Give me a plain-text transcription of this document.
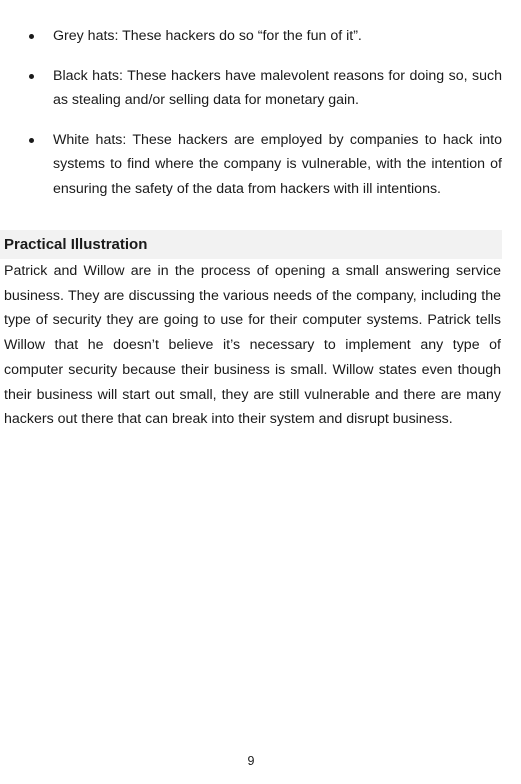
Grey hats: These hackers do so “for the fun of it”.
Black hats: These hackers have malevolent reasons for doing so, such as stealing and/or selling data for monetary gain.
White hats: These hackers are employed by companies to hack into systems to find where the company is vulnerable, with the intention of ensuring the safety of the data from hackers with ill intentions.
Practical Illustration

Patrick and Willow are in the process of opening a small answering service business. They are discussing the various needs of the company, including the type of security they are going to use for their computer systems. Patrick tells Willow that he doesn’t believe it’s necessary to implement any type of computer security because their business is small. Willow states even though their business will start out small, they are still vulnerable and there are many hackers out there that can break into their system and disrupt business.

9
